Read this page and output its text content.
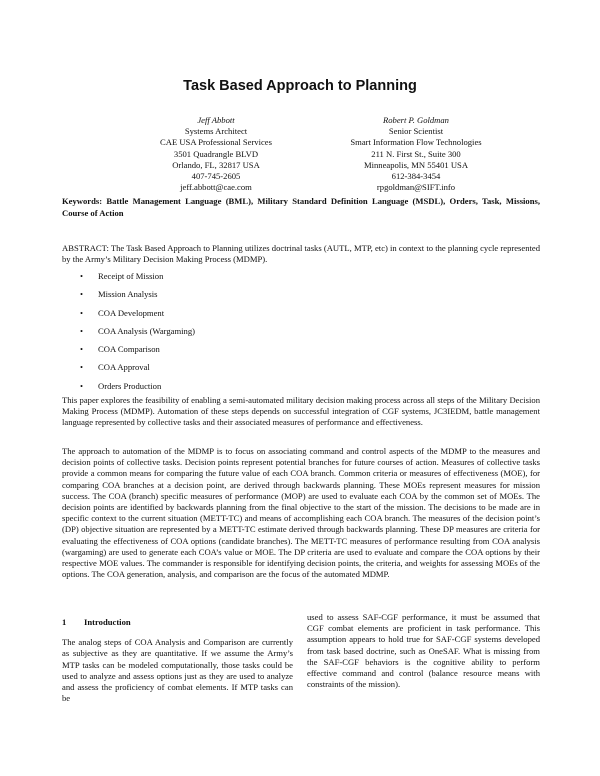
Task Based Approach to Planning
Jeff Abbott
Systems Architect
CAE USA Professional Services
3501 Quadrangle BLVD
Orlando, FL, 32817 USA
407-745-2605
jeff.abbott@cae.com
Robert P. Goldman
Senior Scientist
Smart Information Flow Technologies
211 N. First St., Suite 300
Minneapolis, MN 55401 USA
612-384-3454
rpgoldman@SIFT.info
Keywords: Battle Management Language (BML), Military Standard Definition Language (MSDL), Orders, Task, Missions, Course of Action
ABSTRACT: The Task Based Approach to Planning utilizes doctrinal tasks (AUTL, MTP, etc) in context to the planning cycle represented by the Army’s Military Decision Making Process (MDMP).
• Receipt of Mission
• Mission Analysis
• COA Development
• COA Analysis (Wargaming)
• COA Comparison
• COA Approval
• Orders Production

This paper explores the feasibility of enabling a semi-automated military decision making process across all steps of the Military Decision Making Process (MDMP). Automation of these steps depends on successful integration of CGF systems, JC3IEDM, battle management language represented by collective tasks and their associated measures of performance and effectiveness.

The approach to automation of the MDMP is to focus on associating command and control aspects of the MDMP to the measures and decision points of collective tasks. Decision points represent potential branches for future courses of action. Measures of collective tasks provide a common means for comparing the future value of each COA branch. Common criteria or measures of effectiveness (MOE), for comparing COA branches at a decision point, are derived through backwards planning. These MOEs represent measures for mission success. The COA (branch) specific measures of performance (MOP) are used to evaluate each COA by the common set of MOEs. The decision points are identified by backwards planning from the final objective to the start of the mission. The decisions to be made are in specific context to the current situation (METT-TC) and means of accomplishing each COA branch. The measures of the decision point’s (DP) objective situation are represented by a METT-TC estimate derived through backwards planning. These DP measures are criteria for evaluating the effectiveness of COA options (candidate branches). The METT-TC measures of performance resulting from COA analysis (wargaming) are used to generate each COA’s value or MOE. The DP criteria are used to evaluate and compare the COA options by their respective MOE values. The commander is responsible for identifying decision points, the criteria, and weights for assessing MOEs of the options. The COA generation, analysis, and comparison are the focus of the automated MDMP.

1 Introduction

The analog steps of COA Analysis and Comparison are currently as subjective as they are quantitative. If we assume the Army’s MTP tasks can be modeled computationally, those tasks could be used to analyze and assess options just as they are used to analyze and assess the proficiency of combat elements. If MTP tasks can be

used to assess SAF-CGF performance, it must be assumed that CGF combat elements are proficient in task performance. This assumption appears to hold true for SAF-CGF systems developed from task based doctrine, such as OneSAF. What is missing from the SAF-CGF behaviors is the cognitive ability to perform effective command and control (balance resource means with constraints of the mission).
